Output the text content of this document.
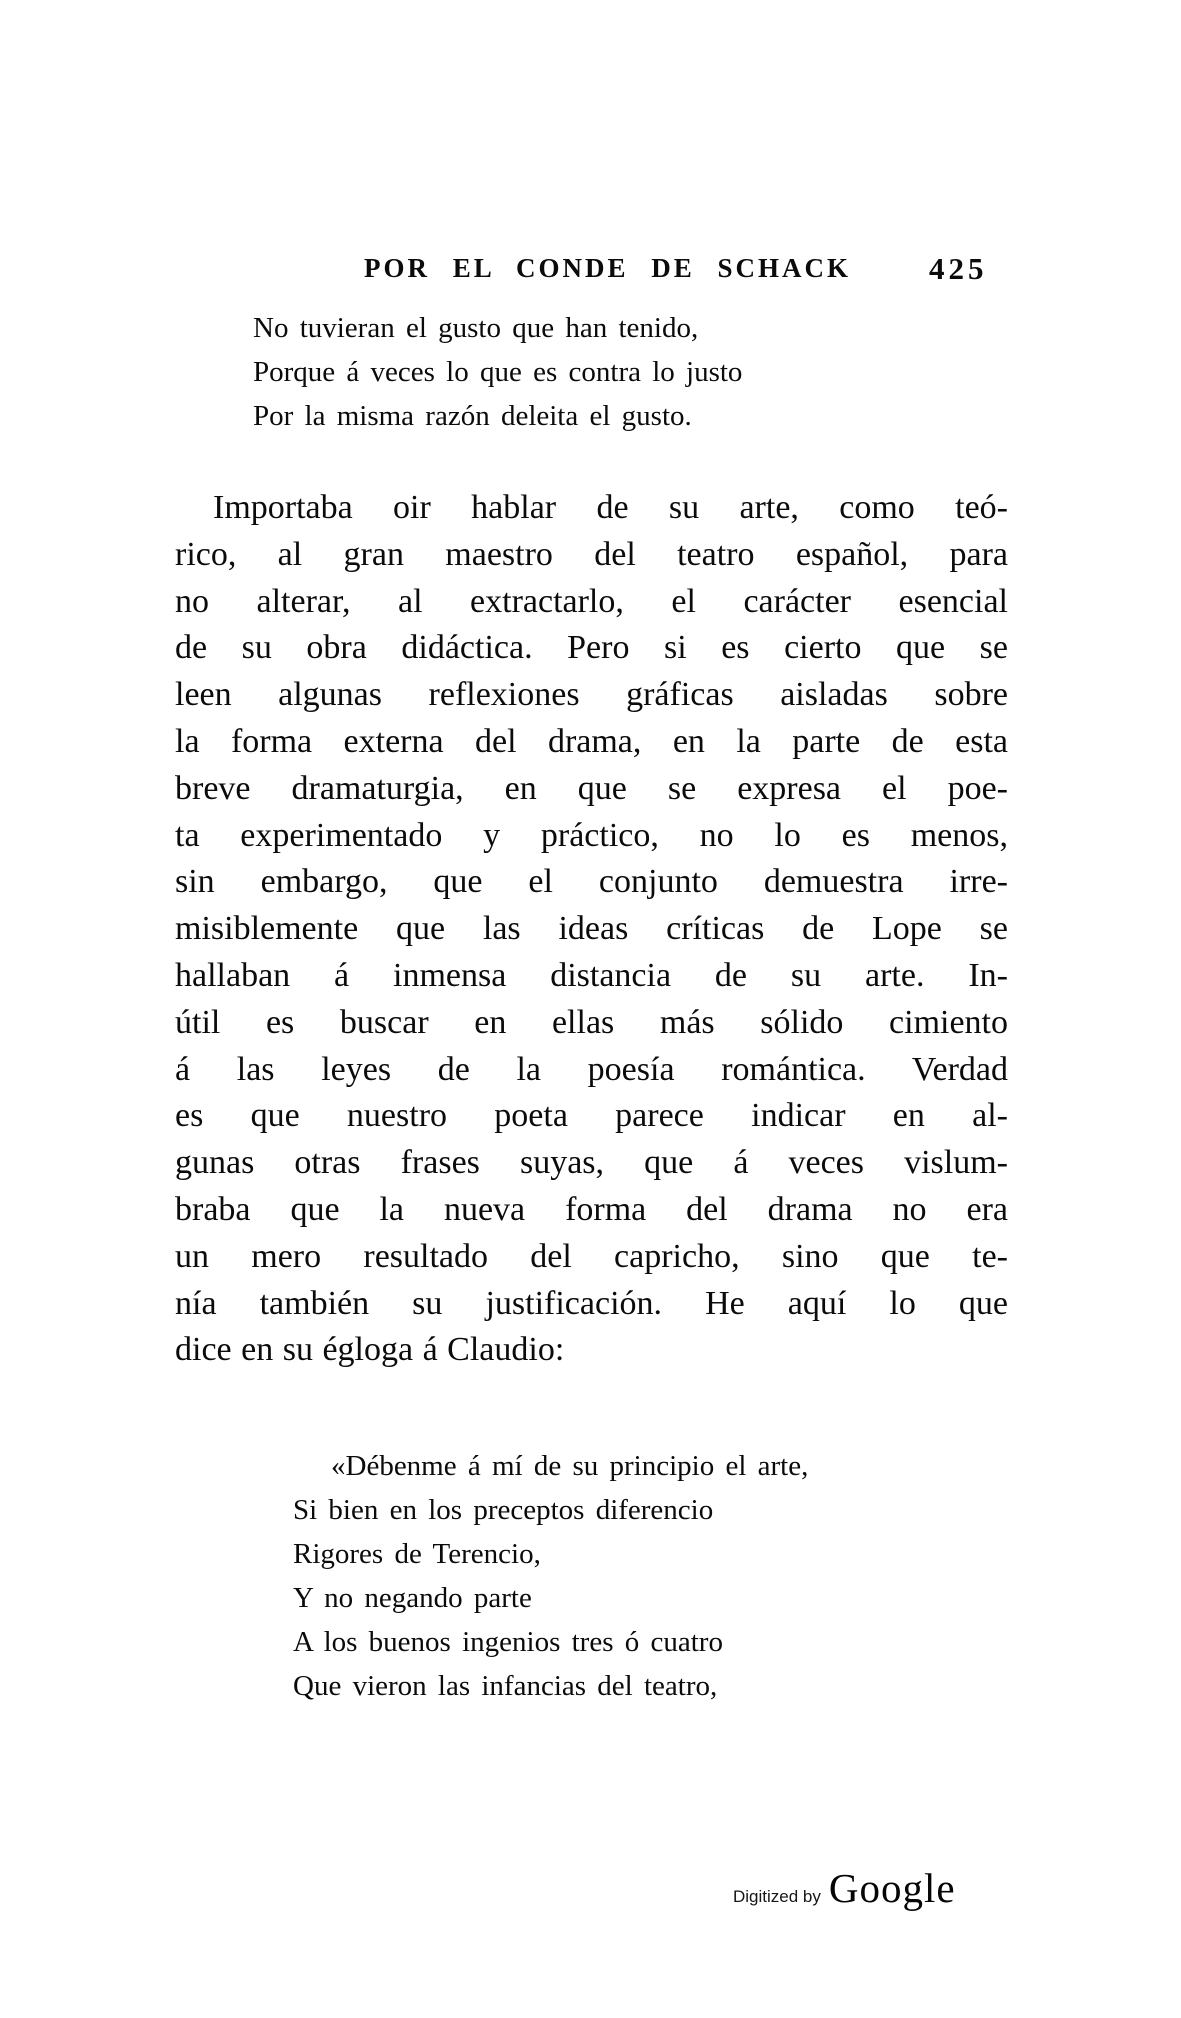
POR EL CONDE DE SCHACK	425
No tuvieran el gusto que han tenido,
Porque á veces lo que es contra lo justo
Por la misma razón deleita el gusto.
Importaba oir hablar de su arte, como teó-
rico, al gran maestro del teatro español, para
no alterar, al extractarlo, el carácter esencial
de su obra didáctica. Pero si es cierto que se
leen algunas reflexiones gráficas aisladas sobre
la forma externa del drama, en la parte de esta
breve dramaturgia, en que se expresa el poe-
ta experimentado y práctico, no lo es menos,
sin embargo, que el conjunto demuestra irre-
misiblemente que las ideas críticas de Lope se
hallaban á inmensa distancia de su arte. In-
útil es buscar en ellas más sólido cimiento
á las leyes de la poesía romántica. Verdad
es que nuestro poeta parece indicar en al-
gunas otras frases suyas, que á veces vislum-
braba que la nueva forma del drama no era
un mero resultado del capricho, sino que te-
nía también su justificación. He aquí lo que
dice en su égloga á Claudio:
«Débenme á mí de su principio el arte,
Si bien en los preceptos diferencio
Rigores de Terencio,
Y no negando parte
A los buenos ingenios tres ó cuatro
Que vieron las infancias del teatro,
Digitized by Google
